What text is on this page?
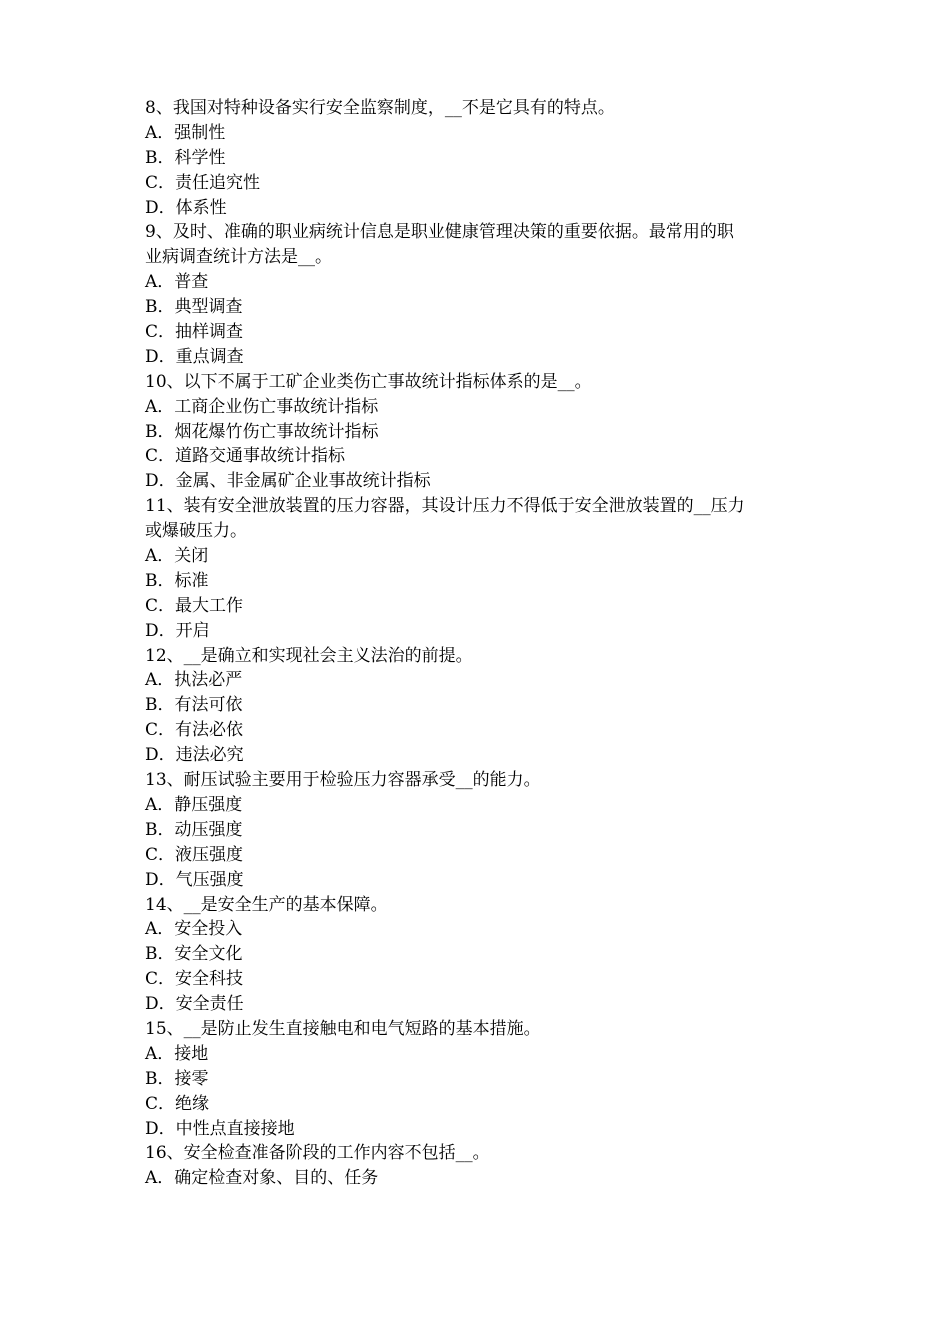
8、我国对特种设备实行安全监察制度，__不是它具有的特点。
A．强制性
B．科学性
C．责任追究性
D．体系性
9、及时、准确的职业病统计信息是职业健康管理决策的重要依据。最常用的职
业病调查统计方法是__。
A．普查
B．典型调查
C．抽样调查
D．重点调查
10、以下不属于工矿企业类伤亡事故统计指标体系的是__。
A．工商企业伤亡事故统计指标
B．烟花爆竹伤亡事故统计指标
C．道路交通事故统计指标
D．金属、非金属矿企业事故统计指标
11、装有安全泄放装置的压力容器，其设计压力不得低于安全泄放装置的__压力
或爆破压力。
A．关闭
B．标准
C．最大工作
D．开启
12、__是确立和实现社会主义法治的前提。
A．执法必严
B．有法可依
C．有法必依
D．违法必究
13、耐压试验主要用于检验压力容器承受__的能力。
A．静压强度
B．动压强度
C．液压强度
D．气压强度
14、__是安全生产的基本保障。
A．安全投入
B．安全文化
C．安全科技
D．安全责任
15、__是防止发生直接触电和电气短路的基本措施。
A．接地
B．接零
C．绝缘
D．中性点直接接地
16、安全检查准备阶段的工作内容不包括__。
A．确定检查对象、目的、任务
